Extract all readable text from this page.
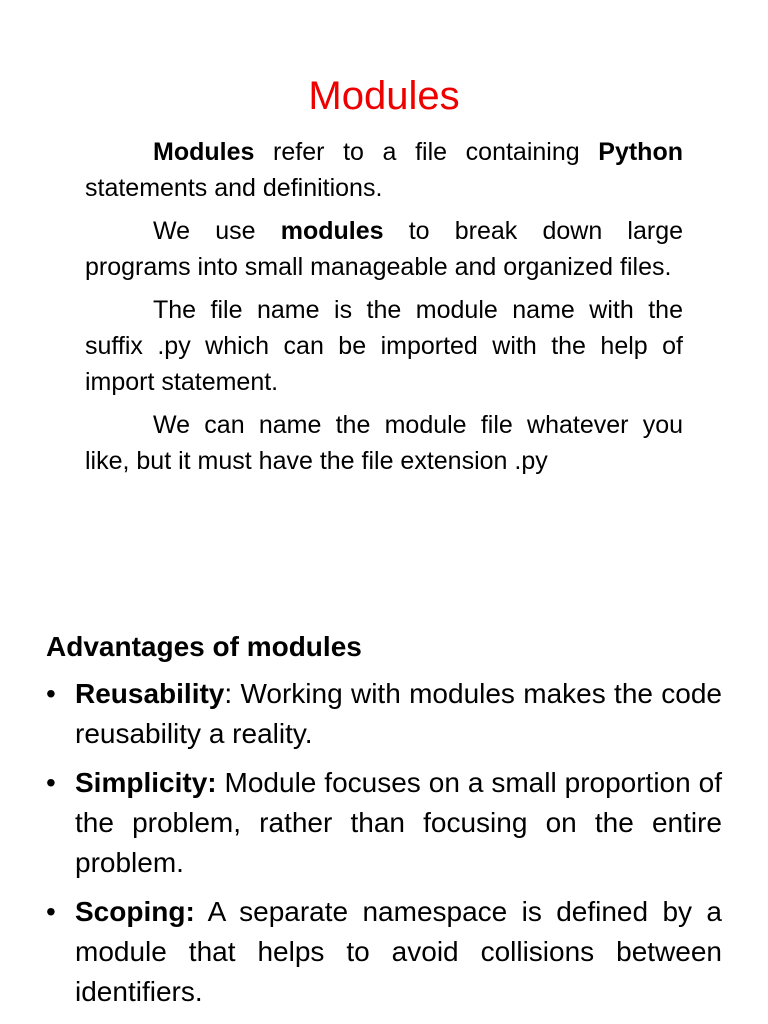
Modules

Modules refer to a file containing Python statements and definitions.

We use modules to break down large programs into small manageable and organized files.

The file name is the module name with the suffix .py which can be imported with the help of import statement.

We can name the module file whatever you like, but it must have the file extension .py

Advantages of modules
• Reusability: Working with modules makes the code reusability a reality.
• Simplicity: Module focuses on a small proportion of the problem, rather than focusing on the entire problem.
• Scoping: A separate namespace is defined by a module that helps to avoid collisions between identifiers.
